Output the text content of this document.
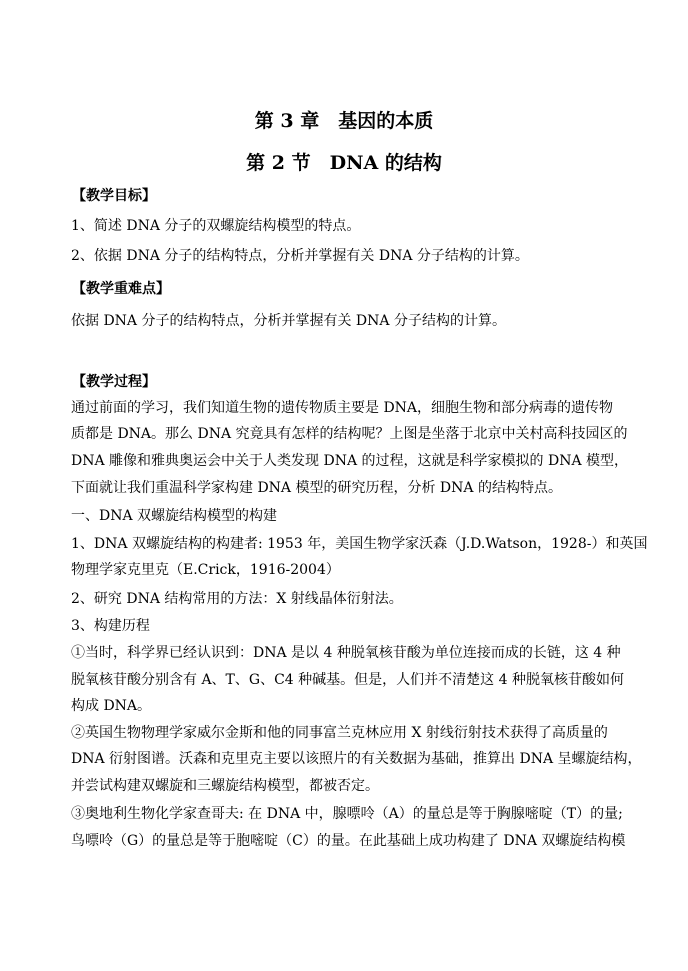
第 3 章　基因的本质
第 2 节　DNA 的结构
【教学目标】
1、简述 DNA 分子的双螺旋结构模型的特点。
2、依据 DNA 分子的结构特点，分析并掌握有关 DNA 分子结构的计算。
【教学重难点】
依据 DNA 分子的结构特点，分析并掌握有关 DNA 分子结构的计算。
【教学过程】
通过前面的学习，我们知道生物的遗传物质主要是 DNA，细胞生物和部分病毒的遗传物
质都是 DNA。那么 DNA 究竟具有怎样的结构呢？上图是坐落于北京中关村高科技园区的
DNA 雕像和雅典奥运会中关于人类发现 DNA 的过程，这就是科学家模拟的 DNA 模型，
下面就让我们重温科学家构建 DNA 模型的研究历程，分析 DNA 的结构特点。
一、DNA 双螺旋结构模型的构建
1、DNA 双螺旋结构的构建者: 1953 年，美国生物学家沃森（J.D.Watson，1928-）和英国
物理学家克里克（E.Crick，1916-2004）
2、研究 DNA 结构常用的方法：X 射线晶体衍射法。
3、构建历程
①当时，科学界已经认识到：DNA 是以 4 种脱氧核苷酸为单位连接而成的长链，这 4 种
脱氧核苷酸分别含有 A、T、G、C4 种碱基。但是，人们并不清楚这 4 种脱氧核苷酸如何
构成 DNA。
②英国生物物理学家威尔金斯和他的同事富兰克林应用 X 射线衍射技术获得了高质量的
DNA 衍射图谱。沃森和克里克主要以该照片的有关数据为基础，推算出 DNA 呈螺旋结构，
并尝试构建双螺旋和三螺旋结构模型，都被否定。
③奥地利生物化学家查哥夫: 在 DNA 中，腺嘌呤（A）的量总是等于胸腺嘧啶（T）的量;
鸟嘌呤（G）的量总是等于胞嘧啶（C）的量。在此基础上成功构建了 DNA 双螺旋结构模
